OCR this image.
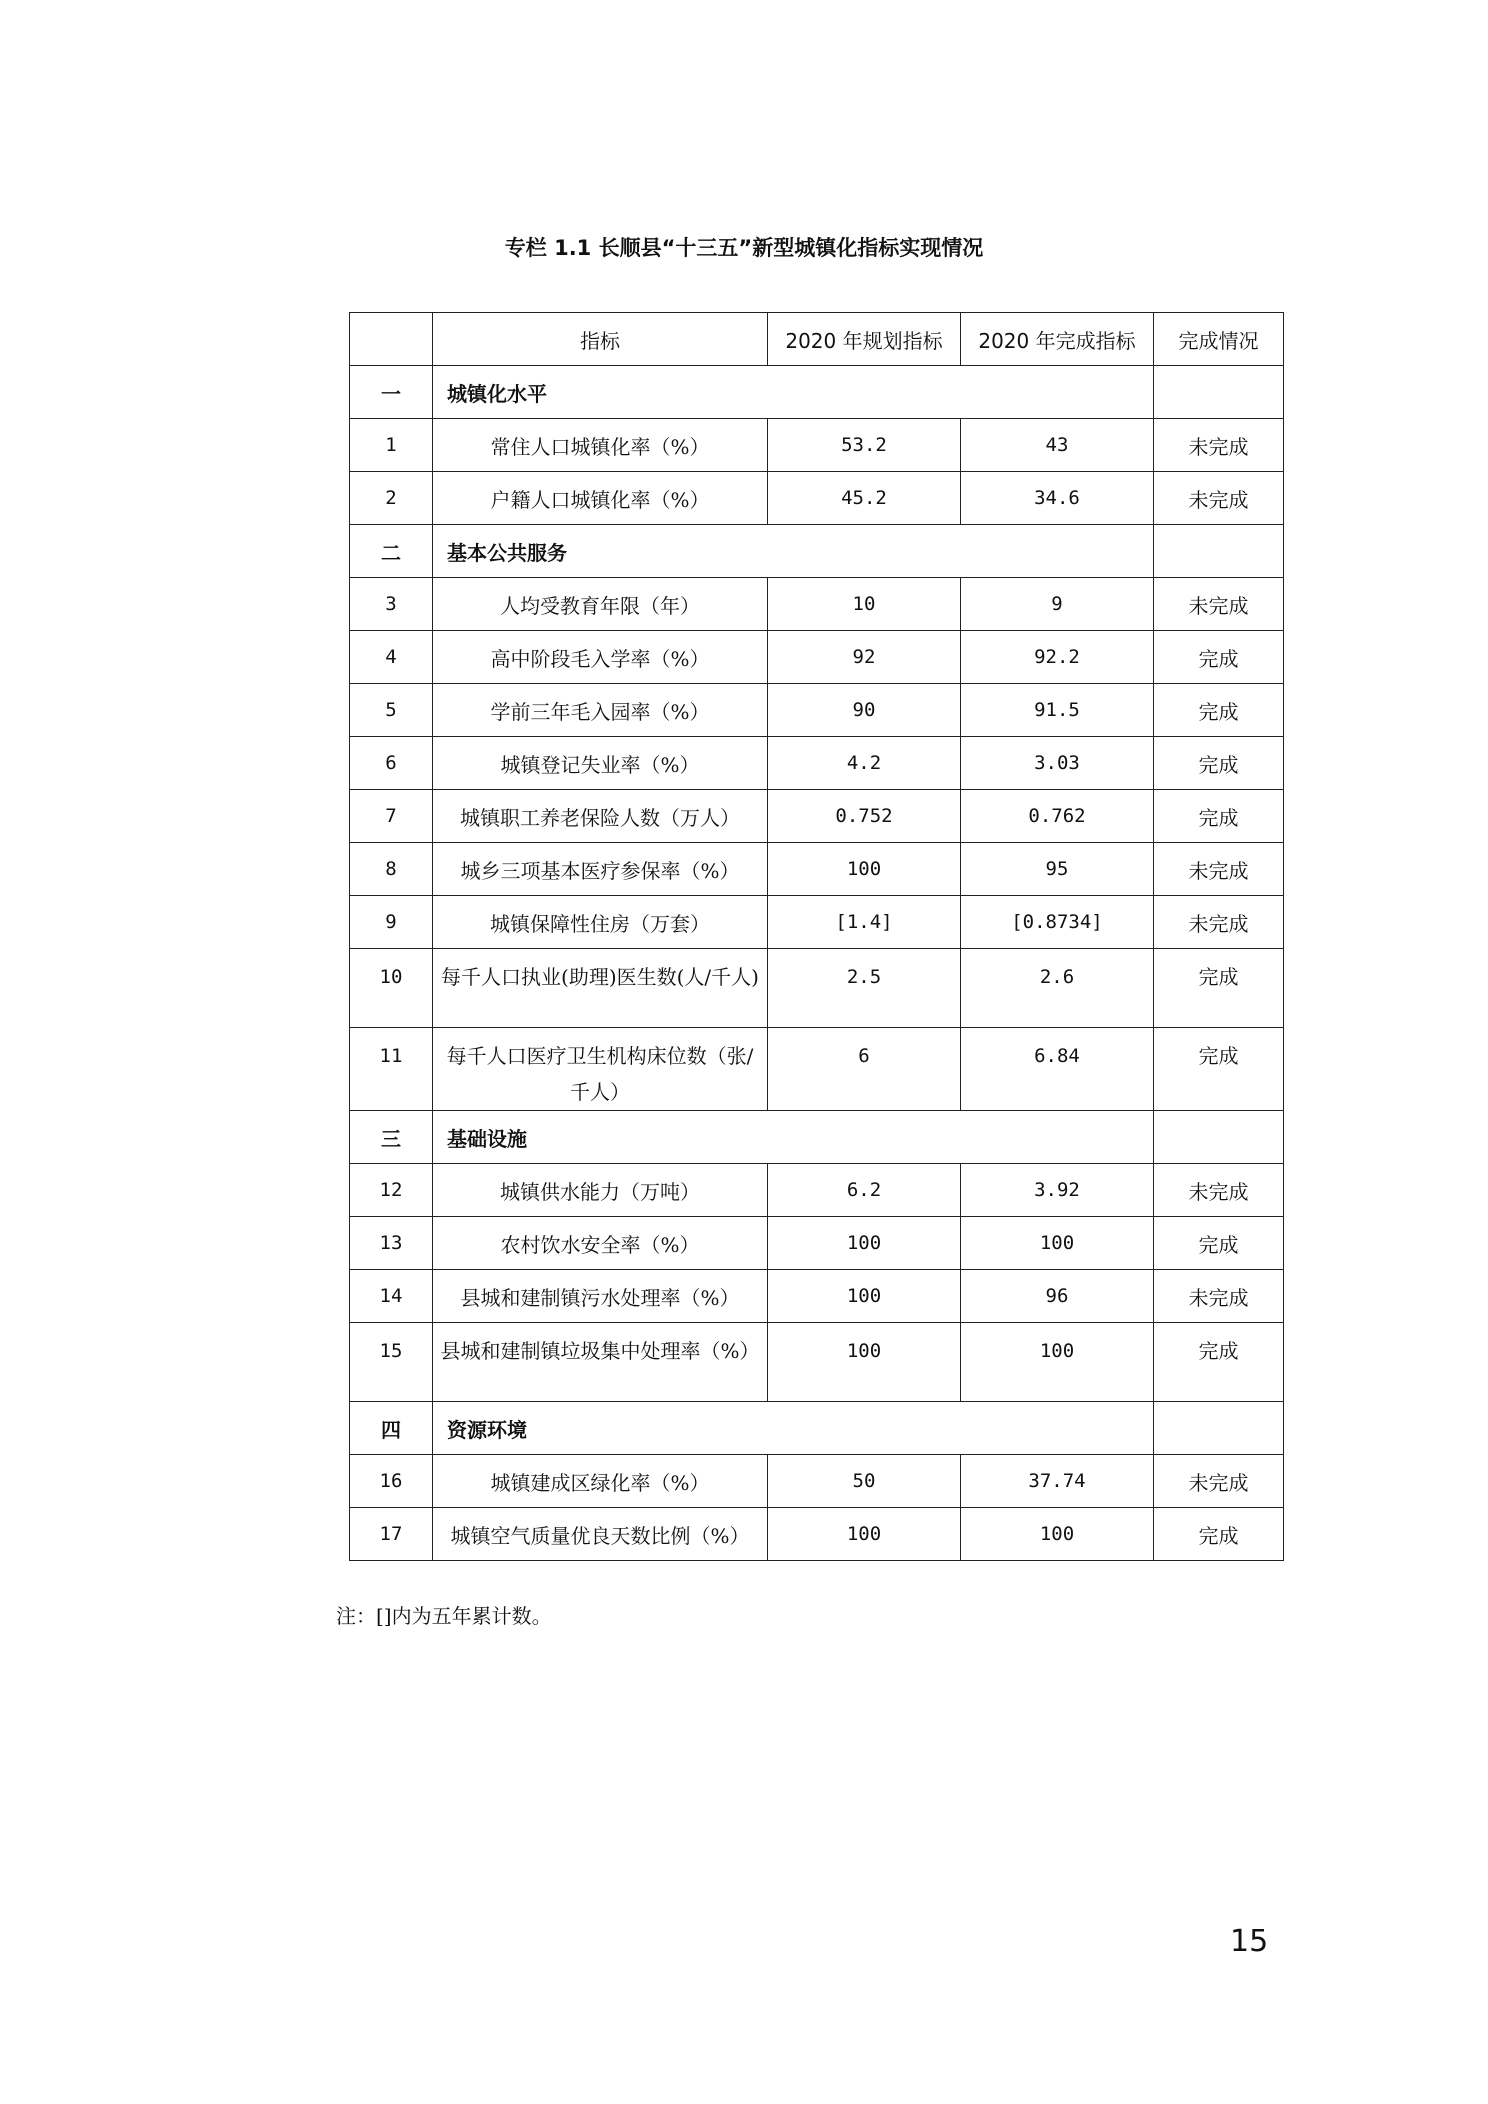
专栏 1.1 长顺县“十三五”新型城镇化指标实现情况
	指标	2020 年规划指标	2020 年完成指标	完成情况
一	城镇化水平			
1	常住人口城镇化率（%）	53.2	43	未完成
2	户籍人口城镇化率（%）	45.2	34.6	未完成
二	基本公共服务			
3	人均受教育年限（年）	10	9	未完成
4	高中阶段毛入学率（%）	92	92.2	完成
5	学前三年毛入园率（%）	90	91.5	完成
6	城镇登记失业率（%）	4.2	3.03	完成
7	城镇职工养老保险人数（万人）	0.752	0.762	完成
8	城乡三项基本医疗参保率（%）	100	95	未完成
9	城镇保障性住房（万套）	[1.4]	[0.8734]	未完成
10	每千人口执业(助理)医生数(人/千人)	2.5	2.6	完成
11	每千人口医疗卫生机构床位数（张/千人）	6	6.84	完成
三	基础设施			
12	城镇供水能力（万吨）	6.2	3.92	未完成
13	农村饮水安全率（%）	100	100	完成
14	县城和建制镇污水处理率（%）	100	96	未完成
15	县城和建制镇垃圾集中处理率（%）	100	100	完成
四	资源环境			
16	城镇建成区绿化率（%）	50	37.74	未完成
17	城镇空气质量优良天数比例（%）	100	100	完成
注：[]内为五年累计数。
15
